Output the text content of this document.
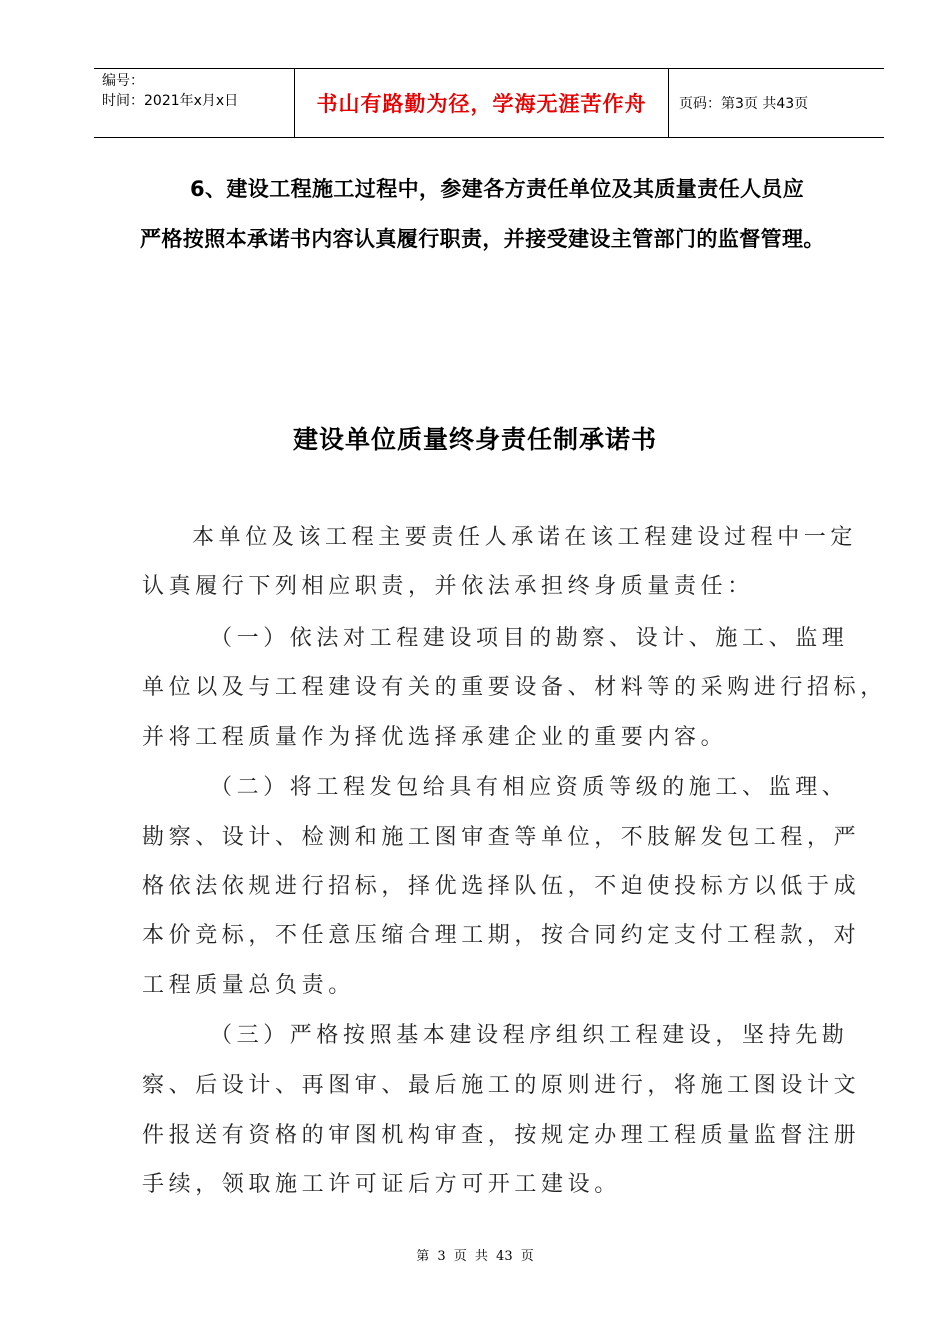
编号：
时间：2021年x月x日	书山有路勤为径，学海无涯苦作舟	页码：第3页 共43页
6、建设工程施工过程中，参建各方责任单位及其质量责任人员应
严格按照本承诺书内容认真履行职责，并接受建设主管部门的监督管理。
建设单位质量终身责任制承诺书
本单位及该工程主要责任人承诺在该工程建设过程中一定
认真履行下列相应职责，并依法承担终身质量责任：
（一）依法对工程建设项目的勘察、设计、施工、监理
单位以及与工程建设有关的重要设备、材料等的采购进行招标，
并将工程质量作为择优选择承建企业的重要内容。
（二）将工程发包给具有相应资质等级的施工、监理、
勘察、设计、检测和施工图审查等单位，不肢解发包工程，严
格依法依规进行招标，择优选择队伍，不迫使投标方以低于成
本价竞标，不任意压缩合理工期，按合同约定支付工程款，对
工程质量总负责。
（三）严格按照基本建设程序组织工程建设，坚持先勘
察、后设计、再图审、最后施工的原则进行，将施工图设计文
件报送有资格的审图机构审查，按规定办理工程质量监督注册
手续，领取施工许可证后方可开工建设。
第 3 页 共 43 页
